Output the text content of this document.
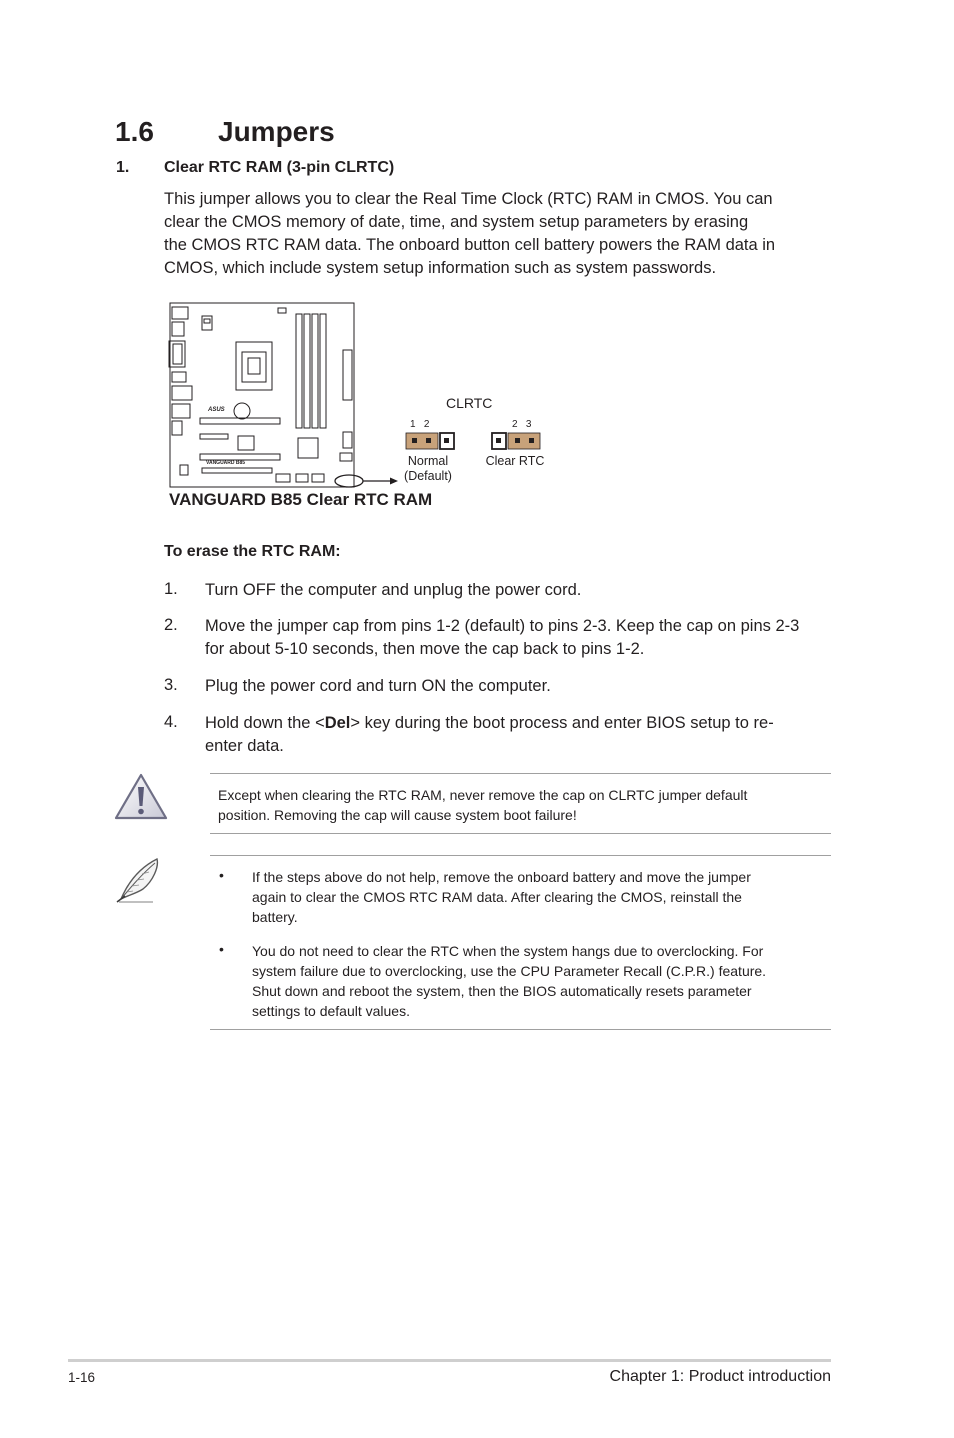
1.6 Jumpers
1. Clear RTC RAM (3-pin CLRTC)
This jumper allows you to clear the Real Time Clock (RTC) RAM in CMOS. You can
clear the CMOS memory of date, time, and system setup parameters by erasing
the CMOS RTC RAM data. The onboard button cell battery powers the RAM data in
CMOS, which include system setup information such as system passwords.
ASUS
VANGUARD B85
CLRTC
1   2
Normal
(Default)
2   3
Clear RTC
VANGUARD B85 Clear RTC RAM
To erase the RTC RAM:
1. Turn OFF the computer and unplug the power cord.
2. Move the jumper cap from pins 1-2 (default) to pins 2-3. Keep the cap on pins 2-3
for about 5-10 seconds, then move the cap back to pins 1-2.
3. Plug the power cord and turn ON the computer.
4. Hold down the <Del> key during the boot process and enter BIOS setup to re-
enter data.
Except when clearing the RTC RAM, never remove the cap on CLRTC jumper default
position. Removing the cap will cause system boot failure!
• If the steps above do not help, remove the onboard battery and move the jumper
again to clear the CMOS RTC RAM data. After clearing the CMOS, reinstall the
battery.
• You do not need to clear the RTC when the system hangs due to overclocking. For
system failure due to overclocking, use the CPU Parameter Recall (C.P.R.) feature.
Shut down and reboot the system, then the BIOS automatically resets parameter
settings to default values.
1-16	Chapter 1: Product introduction
